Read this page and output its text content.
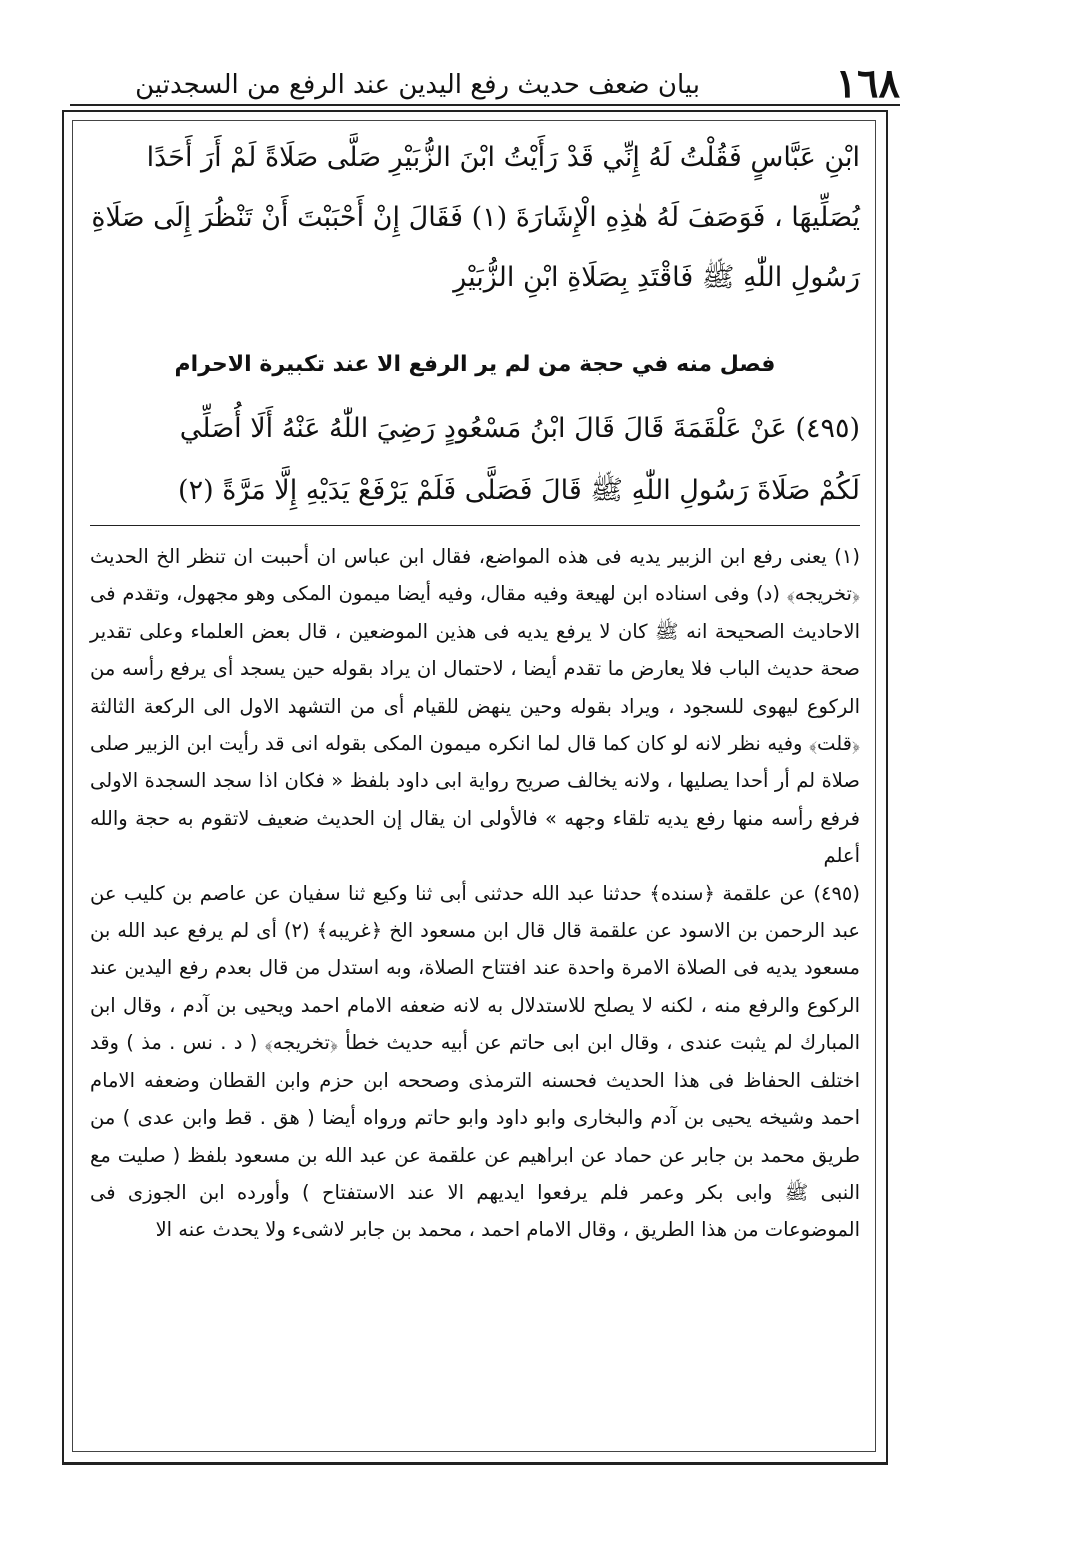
١٦٨
بيان ضعف حديث رفع اليدين عند الرفع من السجدتين

ابْنِ عَبَّاسٍ فَقُلْتُ لَهُ إِنِّي قَدْ رَأَيْتُ ابْنَ الزُّبَيْرِ صَلَّى صَلَاةً لَمْ أَرَ أَحَدًا

يُصَلِّيهَا ، فَوَصَفَ لَهُ هٰذِهِ الْإِشَارَةَ (١) فَقَالَ إِنْ أَحْبَبْتَ أَنْ تَنْظُرَ إِلَى صَلَاةِ

رَسُولِ اللّٰهِ ﷺ فَاقْتَدِ بِصَلَاةِ ابْنِ الزُّبَيْرِ

فصل منه في حجة من لم ير الرفع الا عند تكبيرة الاحرام

(٤٩٥) عَنْ عَلْقَمَةَ قَالَ قَالَ ابْنُ مَسْعُودٍ رَضِيَ اللّٰهُ عَنْهُ أَلَا أُصَلِّي

لَكُمْ صَلَاةَ رَسُولِ اللّٰهِ ﷺ قَالَ فَصَلَّى فَلَمْ يَرْفَعْ يَدَيْهِ إِلَّا مَرَّةً (٢)

(١) يعنى رفع ابن الزبير يديه فى هذه المواضع، فقال ابن عباس ان أحببت ان تنظر الخ الحديث ﴿تخريجه﴾ (د) وفى اسناده ابن لهيعة وفيه مقال، وفيه أيضا ميمون المكى وهو مجهول، وتقدم فى الاحاديث الصحيحة انه ﷺ كان لا يرفع يديه فى هذين الموضعين ، قال بعض العلماء وعلى تقدير صحة حديث الباب فلا يعارض ما تقدم أيضا ، لاحتمال ان يراد بقوله حين يسجد أى يرفع رأسه من الركوع ليهوى للسجود ، ويراد بقوله وحين ينهض للقيام أى من التشهد الاول الى الركعة الثالثة ﴿قلت﴾ وفيه نظر لانه لو كان كما قال لما انكره ميمون المكى بقوله انى قد رأيت ابن الزبير صلى صلاة لم أر أحدا يصليها ، ولانه يخالف صريح رواية ابى داود بلفظ « فكان اذا سجد السجدة الاولى فرفع رأسه منها رفع يديه تلقاء وجهه » فالأولى ان يقال إن الحديث ضعيف لاتقوم به حجة والله أعلم

(٤٩٥) عن علقمة ﴿سنده﴾ حدثنا عبد الله حدثنى أبى ثنا وكيع ثنا سفيان عن عاصم بن كليب عن عبد الرحمن بن الاسود عن علقمة قال قال ابن مسعود الخ ﴿غريبه﴾ (٢) أى لم يرفع عبد الله بن مسعود يديه فى الصلاة الامرة واحدة عند افتتاح الصلاة، وبه استدل من قال بعدم رفع اليدين عند الركوع والرفع منه ، لكنه لا يصلح للاستدلال به لانه ضعفه الامام احمد ويحيى بن آدم ، وقال ابن المبارك لم يثبت عندى ، وقال ابن ابى حاتم عن أبيه حديث خطأ ﴿تخريجه﴾ ( د . نس . مذ ) وقد اختلف الحفاظ فى هذا الحديث فحسنه الترمذى وصححه ابن حزم وابن القطان وضعفه الامام احمد وشيخه يحيى بن آدم والبخارى وابو داود وابو حاتم ورواه أيضا ( هق . قط وابن عدى ) من طريق محمد بن جابر عن حماد عن ابراهيم عن علقمة عن عبد الله بن مسعود بلفظ ( صليت مع النبى ﷺ وابى بكر وعمر فلم يرفعوا ايديهم الا عند الاستفتاح ) وأورده ابن الجوزى فى الموضوعات من هذا الطريق ، وقال الامام احمد ، محمد بن جابر لاشىء ولا يحدث عنه الا
